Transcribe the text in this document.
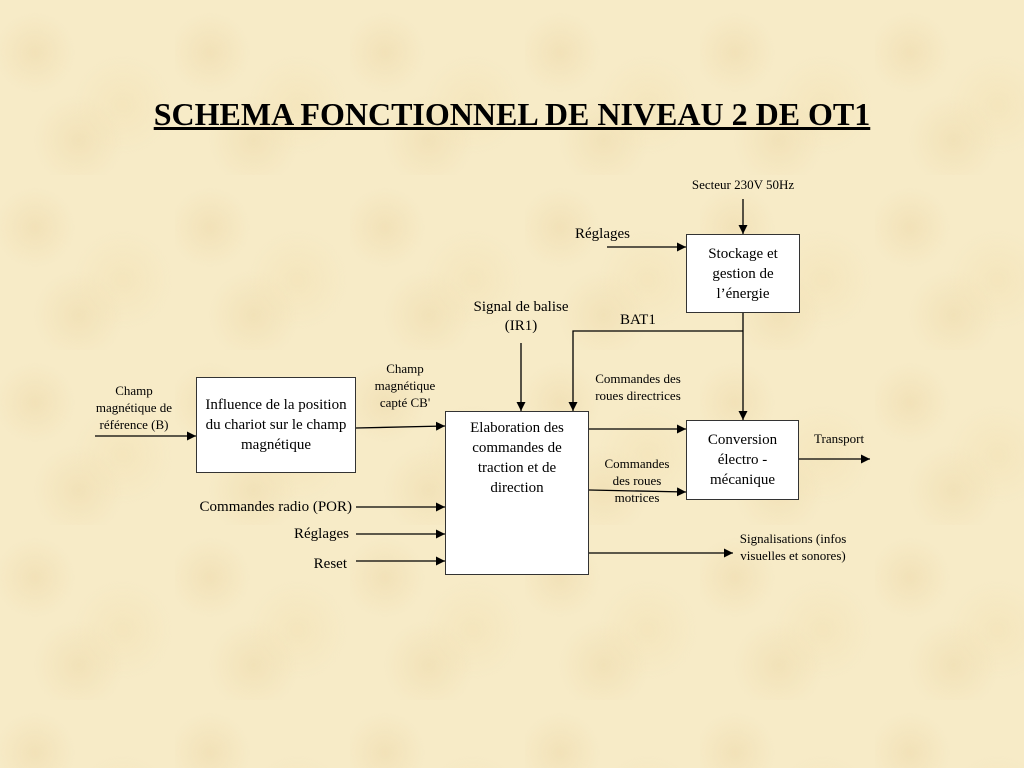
SCHEMA FONCTIONNEL DE NIVEAU 2 DE OT1
Influence de la position du chariot sur le champ magnétique
Elaboration des commandes de traction et de direction
Stockage et gestion de l’énergie
Conversion électro - mécanique
Champ magnétique de référence (B)
Champ magnétique capté CB'
Signal de balise (IR1)
Commandes radio (POR)
Réglages
Reset
Réglages
Secteur 230V 50Hz
BAT1
Commandes des roues directrices
Commandes des roues motrices
Transport
Signalisations (infos visuelles et sonores)
